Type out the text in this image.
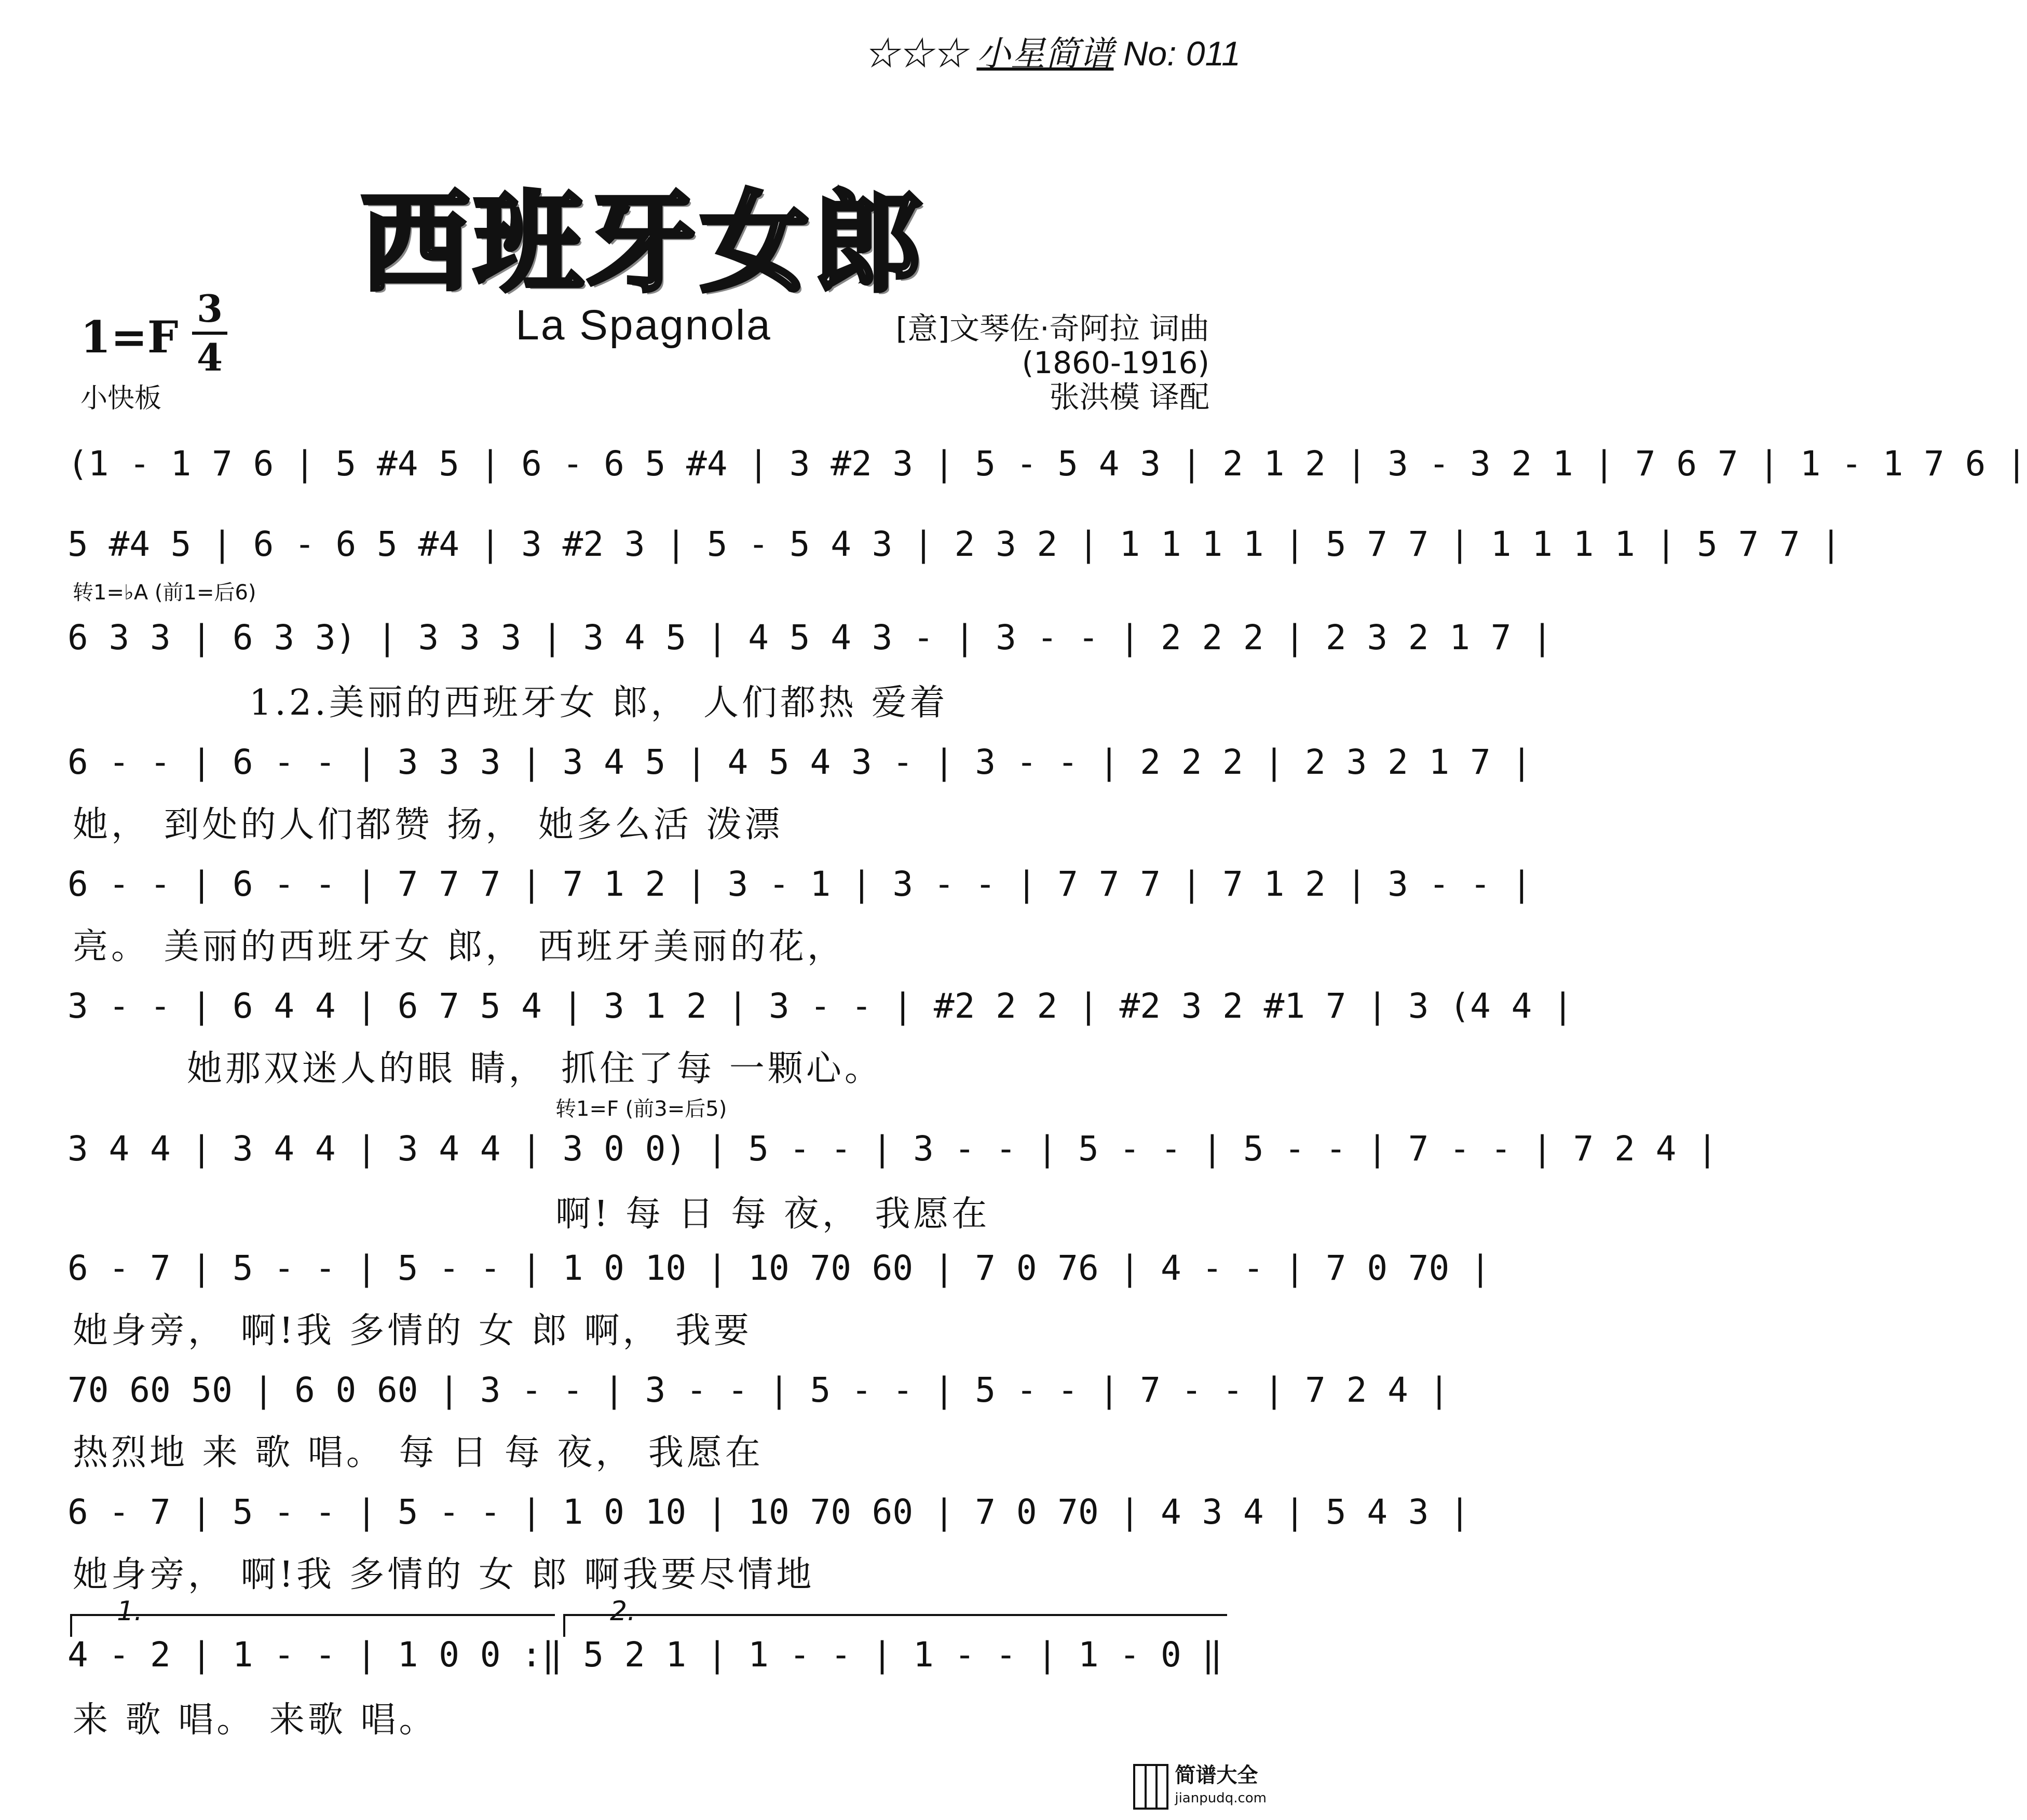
☆☆☆ 小星简谱 No: 011
西班牙女郎
La Spagnola
1=F
3
4
[意]文琴佐·奇阿拉 词曲
(1860-1916)
张洪模 译配
小快板
(1 - 1 7 6 | 5 #4 5 | 6 - 6 5 #4 | 3 #2 3 | 5 - 5 4 3 | 2 1 2 | 3 - 3 2 1 | 7 6 7 | 1 - 1 7 6 |
5 #4 5 | 6 - 6 5 #4 | 3 #2 3 | 5 - 5 4 3 | 2 3 2 | 1 1 1 1 | 5 7 7 | 1 1 1 1 | 5 7 7 |
转1=♭A (前1=后6)
6 3 3 | 6 3 3) | 3 3 3 | 3 4 5 | 4 5 4 3 - | 3 - - | 2 2 2 | 2 3 2 1 7 |
1.2.美丽的西班牙女 郎， 人们都热 爱着
6 - - | 6 - - | 3 3 3 | 3 4 5 | 4 5 4 3 - | 3 - - | 2 2 2 | 2 3 2 1 7 |
她， 到处的人们都赞 扬， 她多么活 泼漂
6 - - | 6 - - | 7 7 7 | 7 1 2 | 3 - 1 | 3 - - | 7 7 7 | 7 1 2 | 3 - - |
亮。 美丽的西班牙女 郎， 西班牙美丽的花，
3 - - | 6 4 4 | 6 7 5 4 | 3 1 2 | 3 - - | #2 2 2 | #2 3 2 #1 7 | 3 (4 4 |
她那双迷人的眼 睛， 抓住了每 一颗心。
转1=F (前3=后5)
3 4 4 | 3 4 4 | 3 4 4 | 3 0 0) | 5 - - | 3 - - | 5 - - | 5 - - | 7 - - | 7 2 4 |
啊! 每 日 每 夜， 我愿在
6 - 7 | 5 - - | 5 - - | 1 0 10 | 10 70 60 | 7 0 76 | 4 - - | 7 0 70 |
她身旁， 啊!我 多情的 女 郎 啊， 我要
70 60 50 | 6 0 60 | 3 - - | 3 - - | 5 - - | 5 - - | 7 - - | 7 2 4 |
热烈地 来 歌 唱。 每 日 每 夜， 我愿在
6 - 7 | 5 - - | 5 - - | 1 0 10 | 10 70 60 | 7 0 70 | 4 3 4 | 5 4 3 |
她身旁， 啊!我 多情的 女 郎 啊我要尽情地
1.	2.
4 - 2 | 1 - - | 1 0 0 :‖ 5 2 1 | 1 - - | 1 - - | 1 - 0 ‖
来 歌 唱。 来歌 唱。
简谱大全
jianpudq.com
